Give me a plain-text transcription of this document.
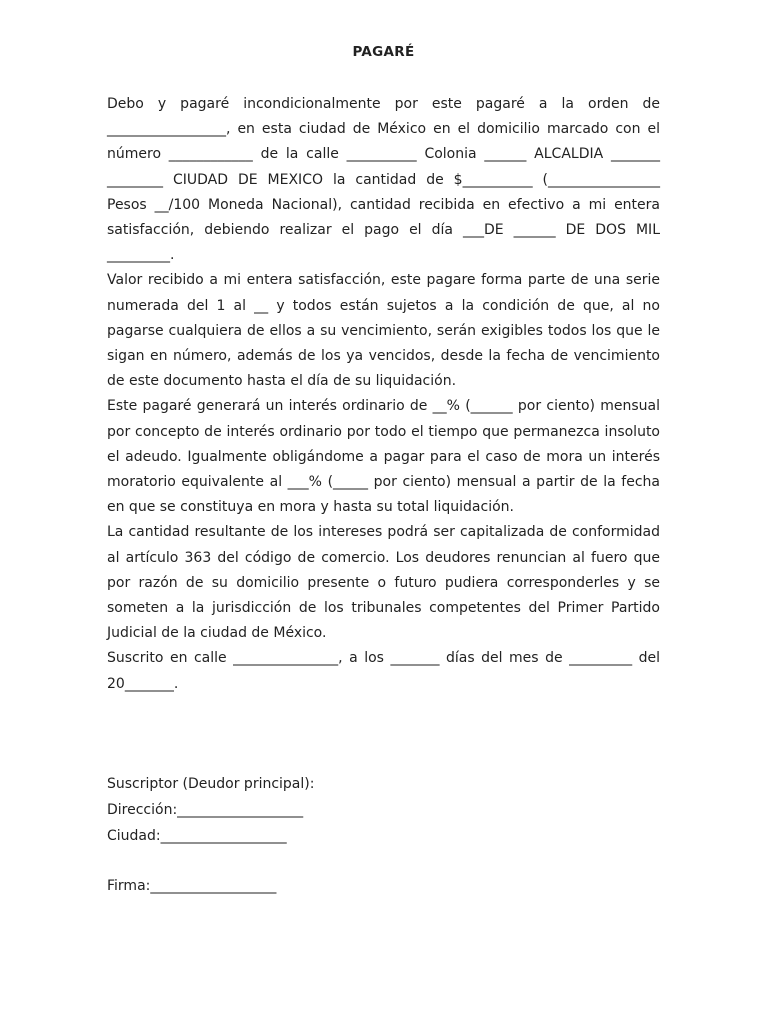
PAGARÉ

Debo y pagaré incondicionalmente por este pagaré a la orden de _________________, en esta ciudad de México en el domicilio marcado con el número ____________ de la calle __________ Colonia ______ ALCALDIA _______ ________ CIUDAD DE MEXICO la cantidad de $__________ (________________ Pesos __/100 Moneda Nacional), cantidad recibida en efectivo a mi entera satisfacción, debiendo realizar el pago el día ___DE ______ DE DOS MIL _________.

Valor recibido a mi entera satisfacción, este pagare forma parte de una serie numerada del 1 al __ y todos están sujetos a la condición de que, al no pagarse cualquiera de ellos a su vencimiento, serán exigibles todos los que le sigan en número, además de los ya vencidos, desde la fecha de vencimiento de este documento hasta el día de su liquidación.

Este pagaré generará un interés ordinario de __% (______ por ciento) mensual por concepto de interés ordinario por todo el tiempo que permanezca insoluto el adeudo. Igualmente obligándome a pagar para el caso de mora un interés moratorio equivalente al ___% (_____ por ciento) mensual a partir de la fecha en que se constituya en mora y hasta su total liquidación.

La cantidad resultante de los intereses podrá ser capitalizada de conformidad al artículo 363 del código de comercio. Los deudores renuncian al fuero que por razón de su domicilio presente o futuro pudiera corresponderles y se someten a la jurisdicción de los tribunales competentes del Primer Partido Judicial de la ciudad de México.

Suscrito en calle _______________, a los _______ días del mes de _________ del 20_______.

Suscriptor (Deudor principal):

Dirección:__________________

Ciudad:__________________

Firma:__________________
